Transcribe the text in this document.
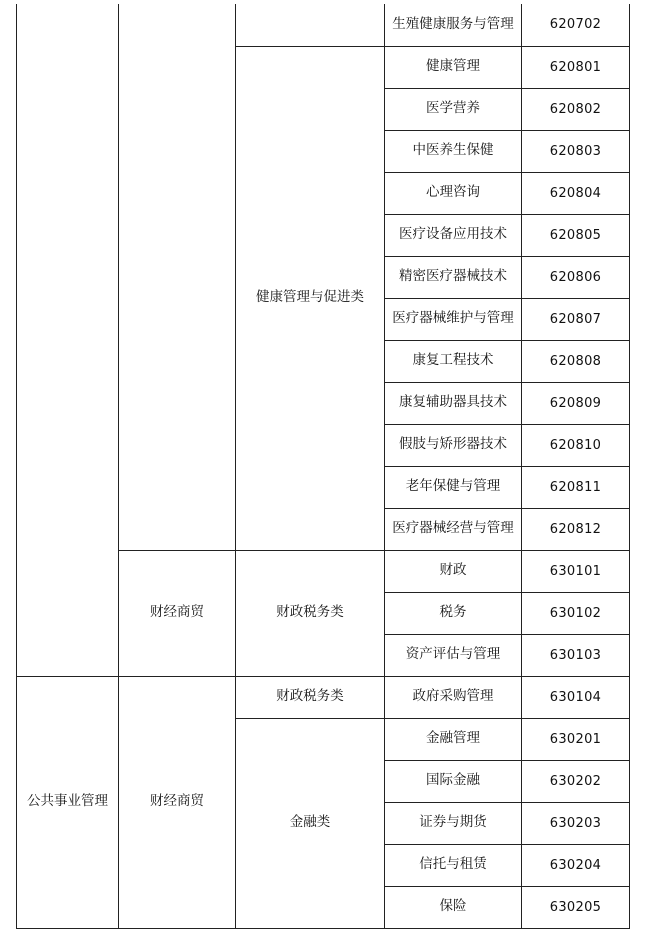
			生殖健康服务与管理	620702
		健康管理与促进类	健康管理	620801
			医学营养	620802
			中医养生保健	620803
			心理咨询	620804
			医疗设备应用技术	620805
			精密医疗器械技术	620806
			医疗器械维护与管理	620807
			康复工程技术	620808
			康复辅助器具技术	620809
			假肢与矫形器技术	620810
			老年保健与管理	620811
			医疗器械经营与管理	620812
	财经商贸	财政税务类	财政	630101
			税务	630102
			资产评估与管理	630103
公共事业管理	财经商贸	财政税务类	政府采购管理	630104
		金融类	金融管理	630201
			国际金融	630202
			证券与期货	630203
			信托与租赁	630204
			保险	630205
